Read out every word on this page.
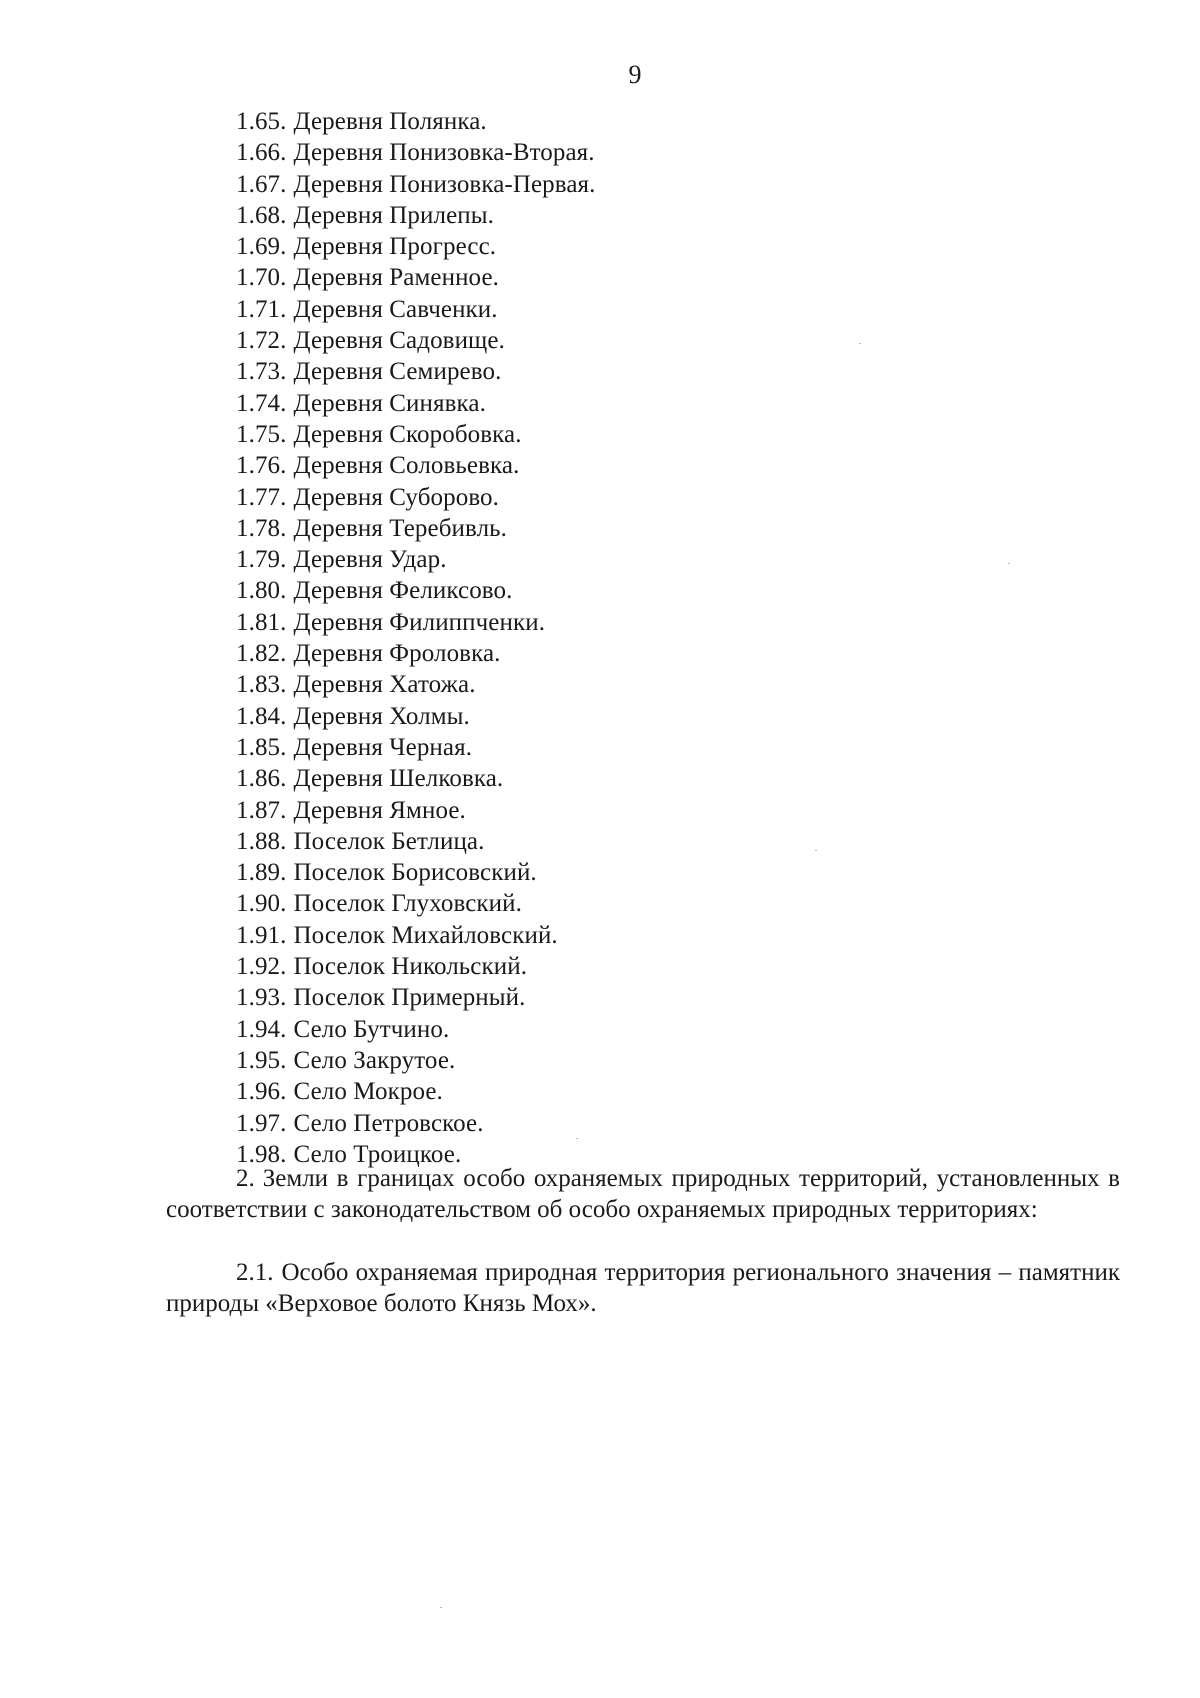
9
1.65. Деревня Полянка.
1.66. Деревня Понизовка-Вторая.
1.67. Деревня Понизовка-Первая.
1.68. Деревня Прилепы.
1.69. Деревня Прогресс.
1.70. Деревня Раменное.
1.71. Деревня Савченки.
1.72. Деревня Садовище.
1.73. Деревня Семирево.
1.74. Деревня Синявка.
1.75. Деревня Скоробовка.
1.76. Деревня Соловьевка.
1.77. Деревня Суборово.
1.78. Деревня Теребивль.
1.79. Деревня Удар.
1.80. Деревня Феликсово.
1.81. Деревня Филиппченки.
1.82. Деревня Фроловка.
1.83. Деревня Хатожа.
1.84. Деревня Холмы.
1.85. Деревня Черная.
1.86. Деревня Шелковка.
1.87. Деревня Ямное.
1.88. Поселок Бетлица.
1.89. Поселок Борисовский.
1.90. Поселок Глуховский.
1.91. Поселок Михайловский.
1.92. Поселок Никольский.
1.93. Поселок Примерный.
1.94. Село Бутчино.
1.95. Село Закрутое.
1.96. Село Мокрое.
1.97. Село Петровское.
1.98. Село Троицкое.

2. Земли в границах особо охраняемых природных территорий, установленных в соответствии с законодательством об особо охраняемых природных территориях:

2.1. Особо охраняемая природная территория регионального значения – памятник природы «Верховое болото Князь Мох».
